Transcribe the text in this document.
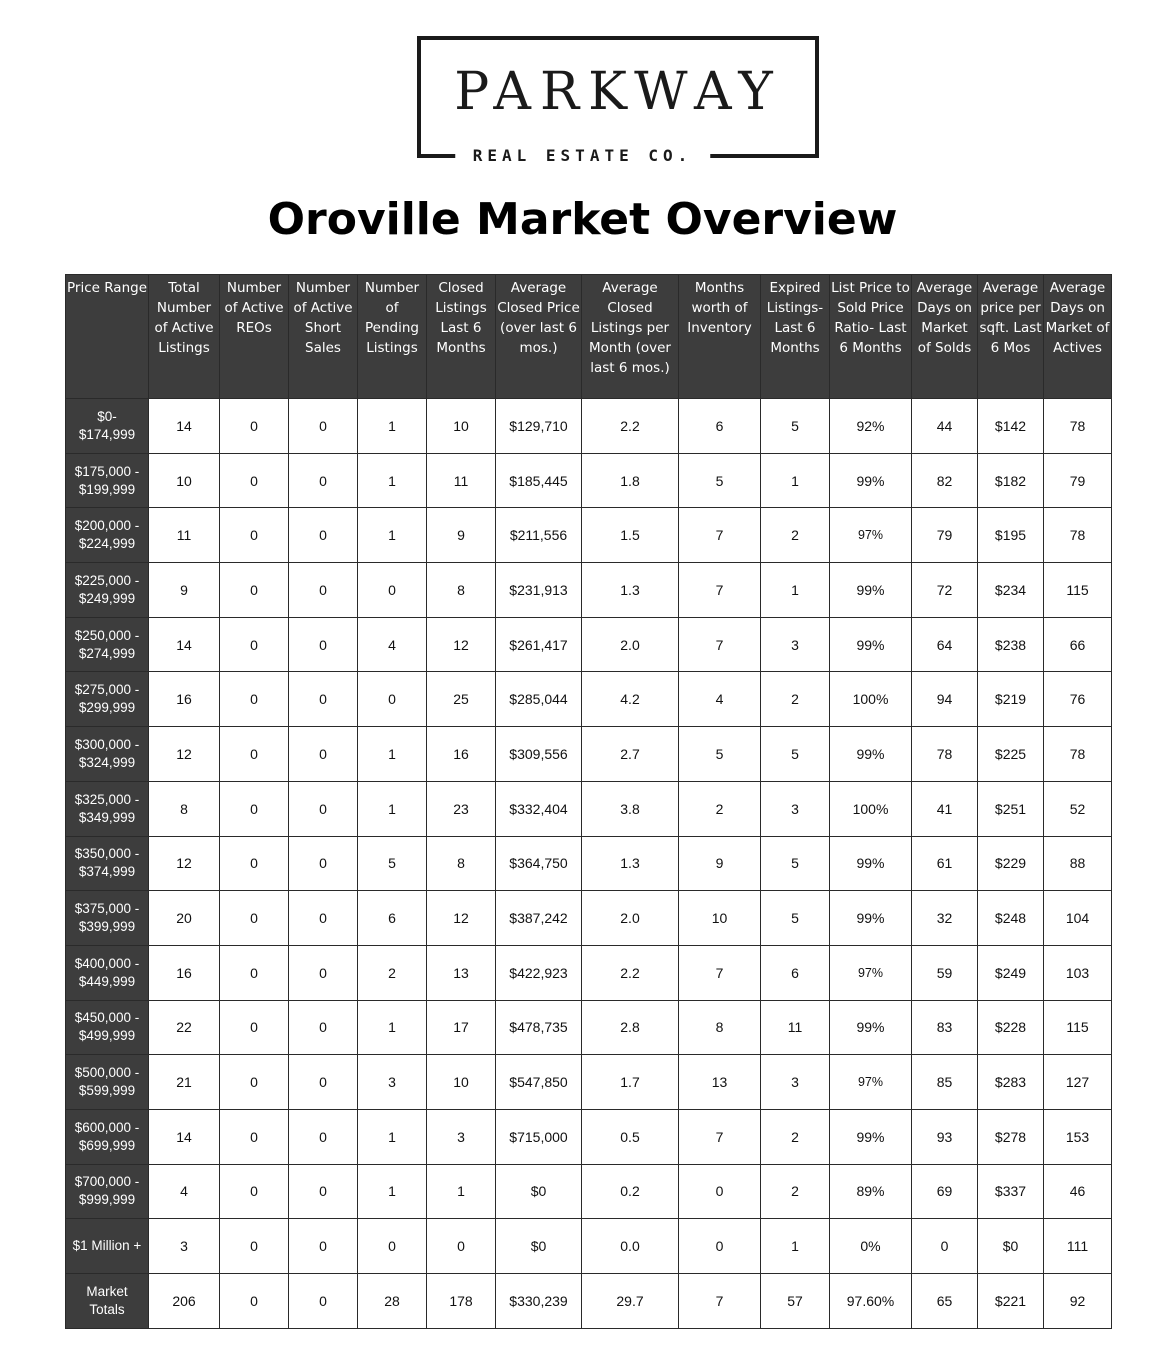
PARKWAY
REAL ESTATE CO.
Oroville Market Overview
Price Range	Total Number of Active Listings	Number of Active REOs	Number of Active Short Sales	Number of Pending Listings	Closed Listings Last 6 Months	Average Closed Price (over last 6 mos.)	Average Closed Listings per Month (over last 6 mos.)	Months worth of Inventory	Expired Listings- Last 6 Months	List Price to Sold Price Ratio- Last 6 Months	Average Days on Market of Solds	Average price per sqft. Last 6 Mos	Average Days on Market of Actives
$0-
$174,999	14	0	0	1	10	$129,710	2.2	6	5	92%	44	$142	78
$175,000 -
$199,999	10	0	0	1	11	$185,445	1.8	5	1	99%	82	$182	79
$200,000 -
$224,999	11	0	0	1	9	$211,556	1.5	7	2	97%	79	$195	78
$225,000 -
$249,999	9	0	0	0	8	$231,913	1.3	7	1	99%	72	$234	115
$250,000 -
$274,999	14	0	0	4	12	$261,417	2.0	7	3	99%	64	$238	66
$275,000 -
$299,999	16	0	0	0	25	$285,044	4.2	4	2	100%	94	$219	76
$300,000 -
$324,999	12	0	0	1	16	$309,556	2.7	5	5	99%	78	$225	78
$325,000 -
$349,999	8	0	0	1	23	$332,404	3.8	2	3	100%	41	$251	52
$350,000 -
$374,999	12	0	0	5	8	$364,750	1.3	9	5	99%	61	$229	88
$375,000 -
$399,999	20	0	0	6	12	$387,242	2.0	10	5	99%	32	$248	104
$400,000 -
$449,999	16	0	0	2	13	$422,923	2.2	7	6	97%	59	$249	103
$450,000 -
$499,999	22	0	0	1	17	$478,735	2.8	8	11	99%	83	$228	115
$500,000 -
$599,999	21	0	0	3	10	$547,850	1.7	13	3	97%	85	$283	127
$600,000 -
$699,999	14	0	0	1	3	$715,000	0.5	7	2	99%	93	$278	153
$700,000 -
$999,999	4	0	0	1	1	$0	0.2	0	2	89%	69	$337	46
$1 Million +	3	0	0	0	0	$0	0.0	0	1	0%	0	$0	111
Market
Totals	206	0	0	28	178	$330,239	29.7	7	57	97.60%	65	$221	92
